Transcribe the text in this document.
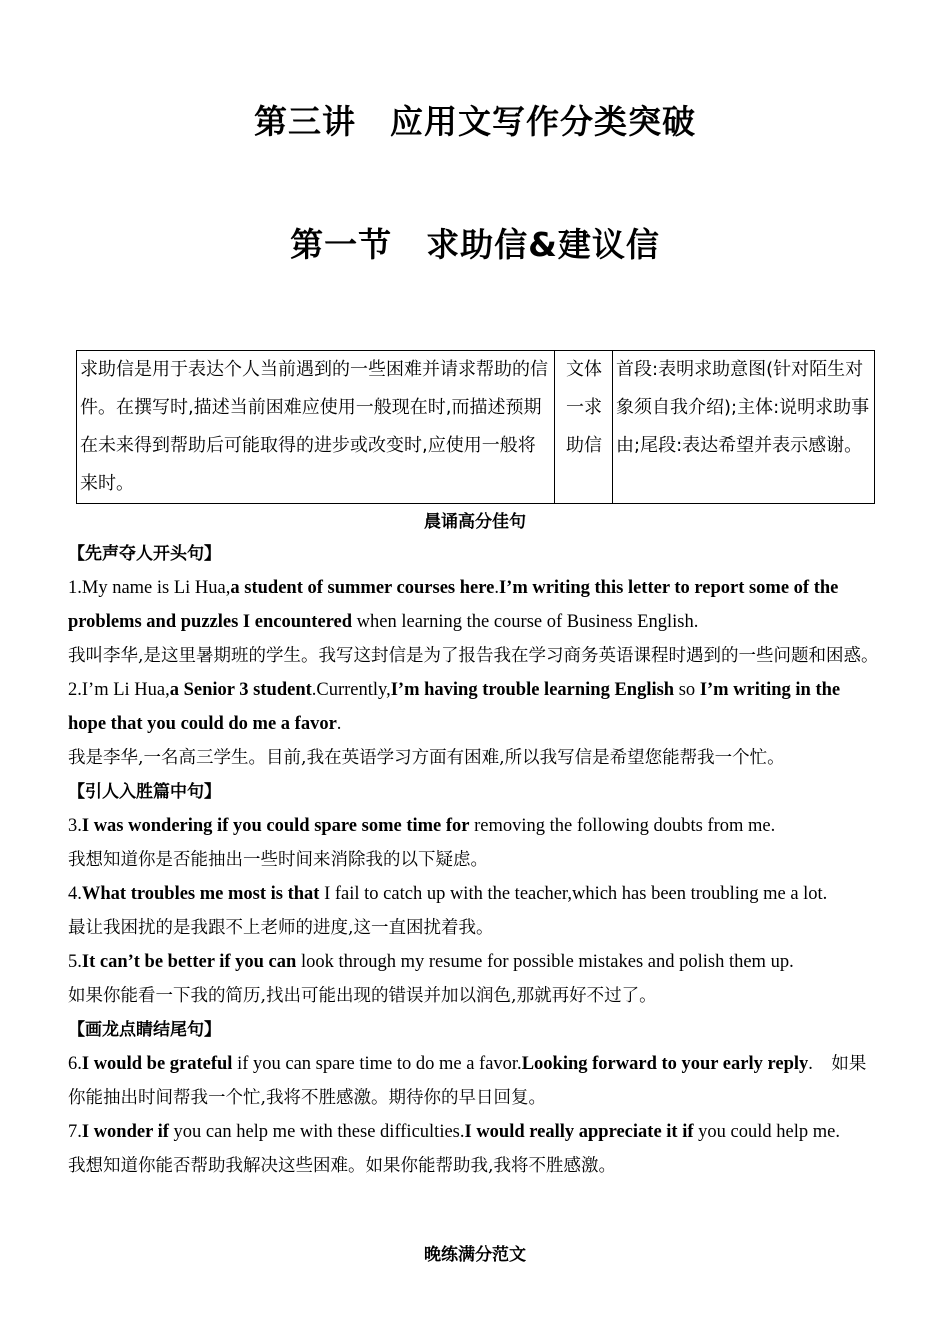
第三讲　应用文写作分类突破
第一节　求助信&建议信
求助信是用于表达个人当前遇到的一些困难并请求帮助的信件。在撰写时,描述当前困难应使用一般现在时,而描述预期在未来得到帮助后可能取得的进步或改变时,应使用一般将来时。	文体一求助信	首段:表明求助意图(针对陌生对象须自我介绍);主体:说明求助事由;尾段:表达希望并表示感谢。
晨诵高分佳句
【先声夺人开头句】
1.My name is Li Hua,a student of summer courses here.I’m writing this letter to report some of the problems and puzzles I encountered when learning the course of Business English.
我叫李华,是这里暑期班的学生。我写这封信是为了报告我在学习商务英语课程时遇到的一些问题和困惑。
2.I’m Li Hua,a Senior 3 student.Currently,I’m having trouble learning English so I’m writing in the hope that you could do me a favor.
我是李华,一名高三学生。目前,我在英语学习方面有困难,所以我写信是希望您能帮我一个忙。
【引人入胜篇中句】
3.I was wondering if you could spare some time for removing the following doubts from me.
我想知道你是否能抽出一些时间来消除我的以下疑虑。
4.What troubles me most is that I fail to catch up with the teacher,which has been troubling me a lot.
最让我困扰的是我跟不上老师的进度,这一直困扰着我。
5.It can’t be better if you can look through my resume for possible mistakes and polish them up.
如果你能看一下我的简历,找出可能出现的错误并加以润色,那就再好不过了。
【画龙点睛结尾句】
6.I would be grateful if you can spare time to do me a favor.Looking forward to your early reply.　如果你能抽出时间帮我一个忙,我将不胜感激。期待你的早日回复。
7.I wonder if you can help me with these difficulties.I would really appreciate it if you could help me.
我想知道你能否帮助我解决这些困难。如果你能帮助我,我将不胜感激。
晚练满分范文
